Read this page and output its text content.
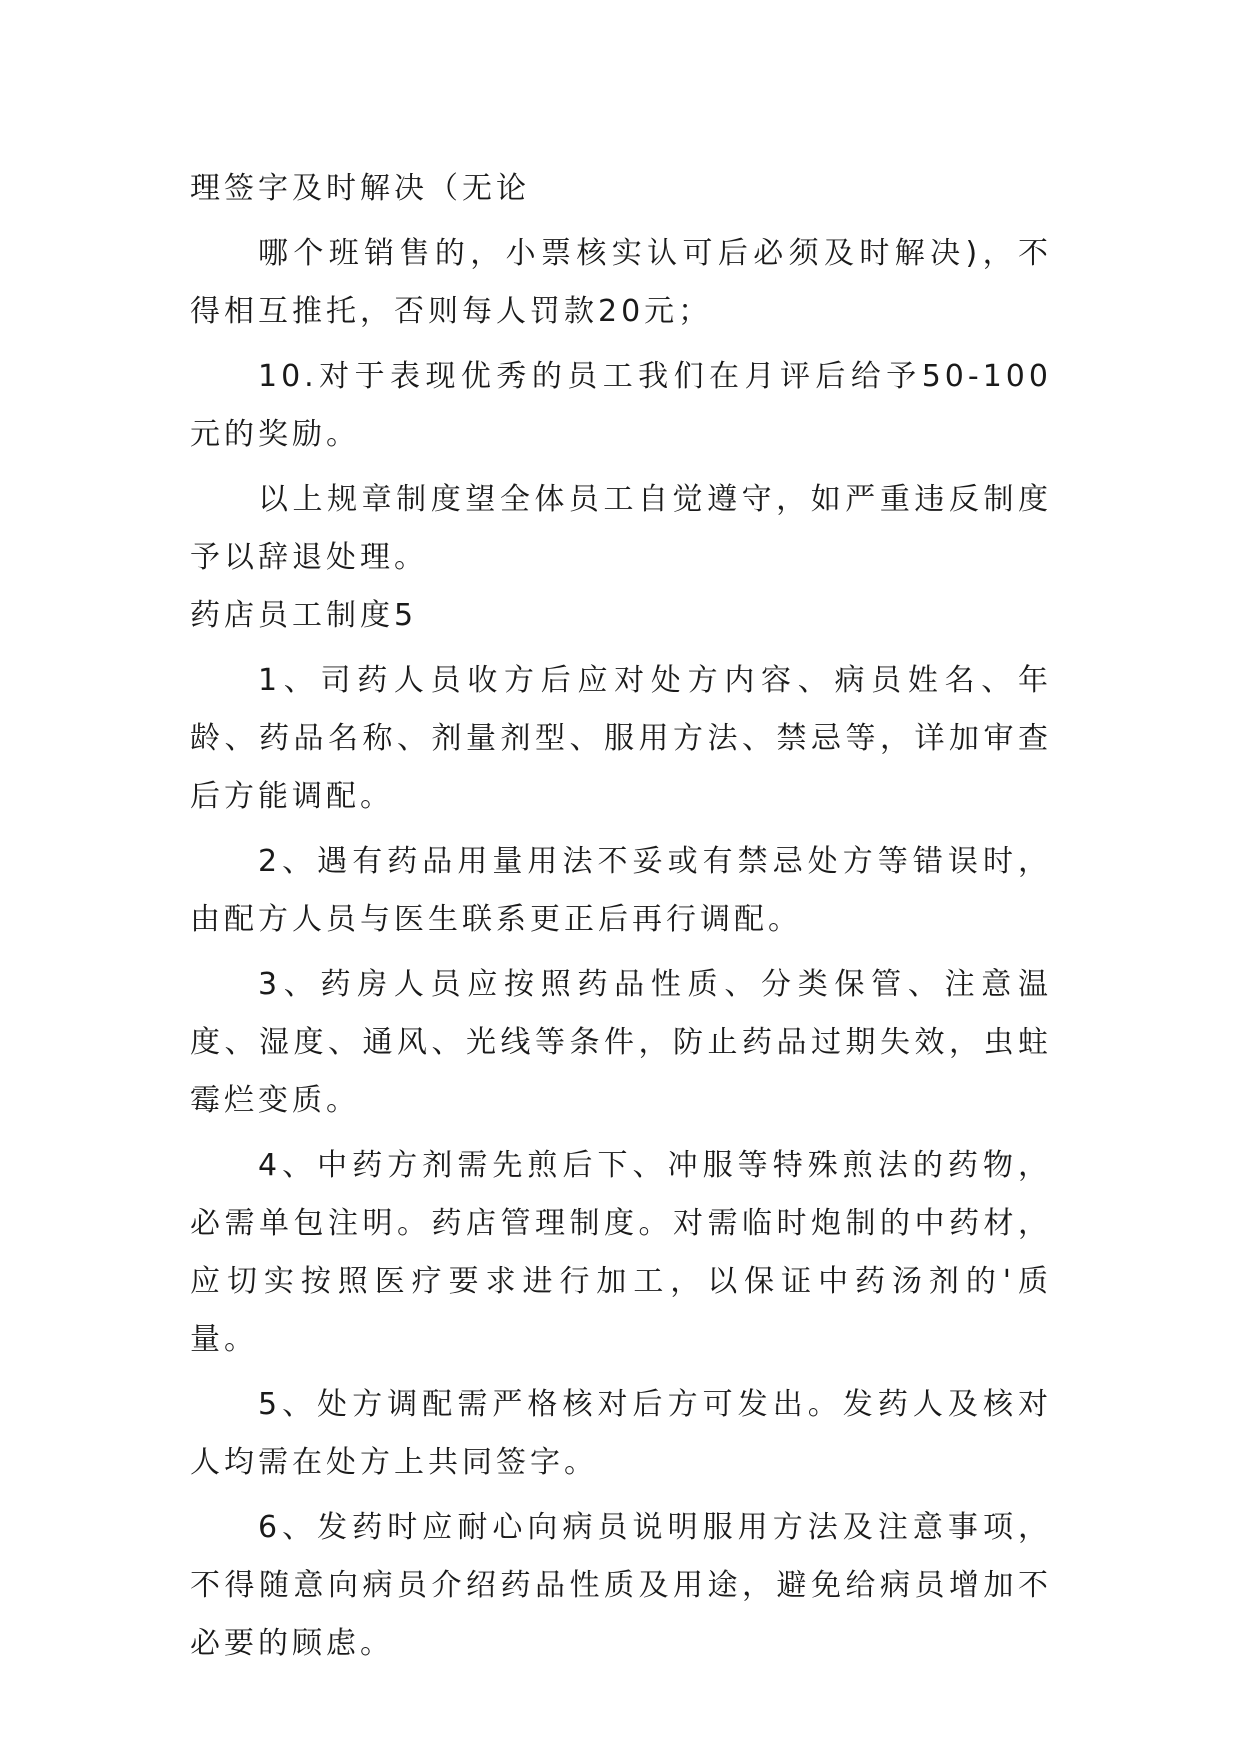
理签字及时解决（无论

哪个班销售的，小票核实认可后必须及时解决)，不得相互推托，否则每人罚款20元；

10.对于表现优秀的员工我们在月评后给予50-100元的奖励。

以上规章制度望全体员工自觉遵守，如严重违反制度予以辞退处理。

药店员工制度5

1、司药人员收方后应对处方内容、病员姓名、年龄、药品名称、剂量剂型、服用方法、禁忌等，详加审查后方能调配。

2、遇有药品用量用法不妥或有禁忌处方等错误时，由配方人员与医生联系更正后再行调配。

3、药房人员应按照药品性质、分类保管、注意温度、湿度、通风、光线等条件，防止药品过期失效，虫蛀霉烂变质。

4、中药方剂需先煎后下、冲服等特殊煎法的药物，必需单包注明。药店管理制度。对需临时炮制的中药材，应切实按照医疗要求进行加工，以保证中药汤剂的'质量。

5、处方调配需严格核对后方可发出。发药人及核对人均需在处方上共同签字。

6、发药时应耐心向病员说明服用方法及注意事项，不得随意向病员介绍药品性质及用途，避免给病员增加不必要的顾虑。
